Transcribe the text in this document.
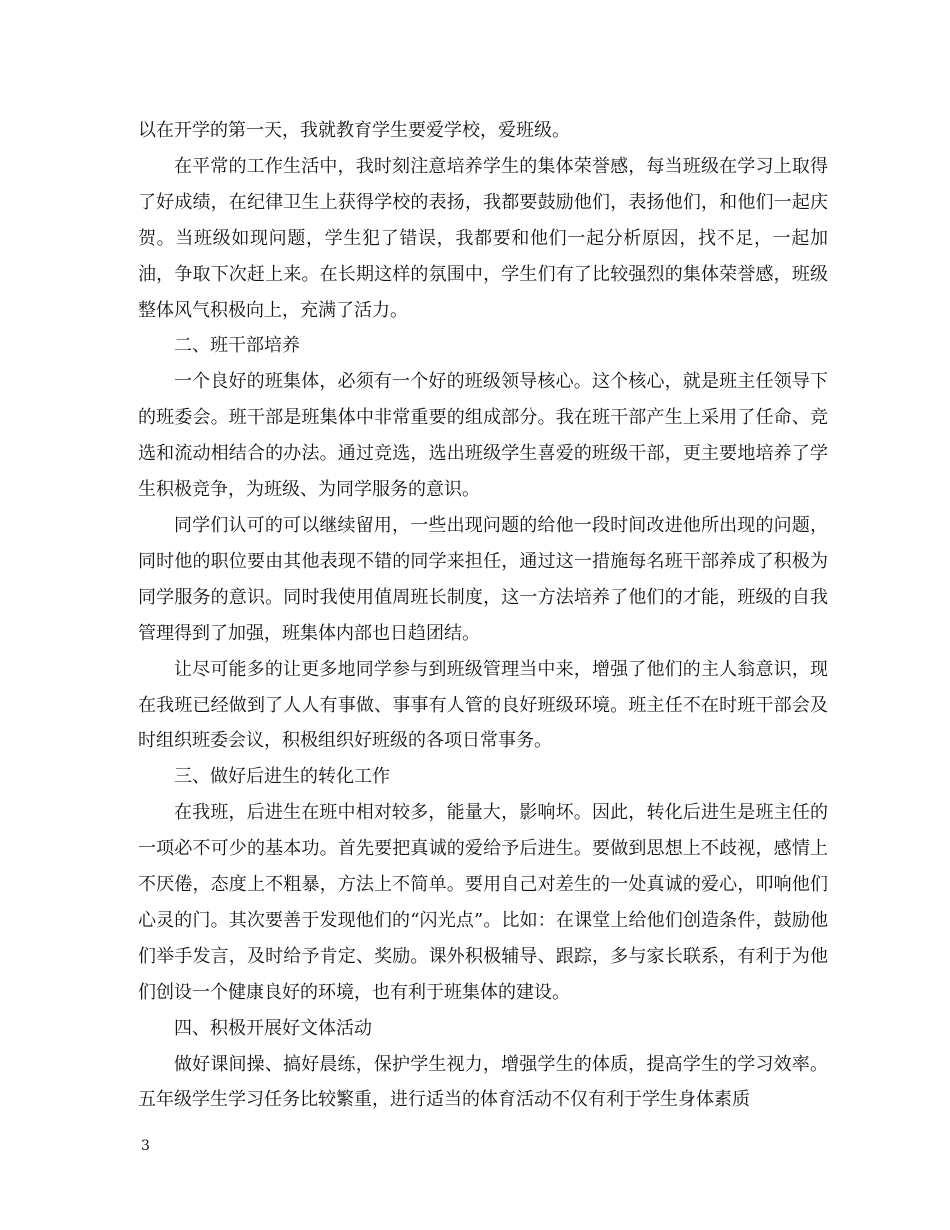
以在开学的第一天，我就教育学生要爱学校，爱班级。

在平常的工作生活中，我时刻注意培养学生的集体荣誉感，每当班级在学习上取得了好成绩，在纪律卫生上获得学校的表扬，我都要鼓励他们，表扬他们，和他们一起庆贺。当班级如现问题，学生犯了错误，我都要和他们一起分析原因，找不足，一起加油，争取下次赶上来。在长期这样的氛围中，学生们有了比较强烈的集体荣誉感，班级整体风气积极向上，充满了活力。

二、班干部培养

一个良好的班集体，必须有一个好的班级领导核心。这个核心，就是班主任领导下的班委会。班干部是班集体中非常重要的组成部分。我在班干部产生上采用了任命、竞选和流动相结合的办法。通过竞选，选出班级学生喜爱的班级干部，更主要地培养了学生积极竞争，为班级、为同学服务的意识。

同学们认可的可以继续留用，一些出现问题的给他一段时间改进他所出现的问题，同时他的职位要由其他表现不错的同学来担任，通过这一措施每名班干部养成了积极为同学服务的意识。同时我使用值周班长制度，这一方法培养了他们的才能，班级的自我管理得到了加强，班集体内部也日趋团结。

让尽可能多的让更多地同学参与到班级管理当中来，增强了他们的主人翁意识，现在我班已经做到了人人有事做、事事有人管的良好班级环境。班主任不在时班干部会及时组织班委会议，积极组织好班级的各项日常事务。

三、做好后进生的转化工作

在我班，后进生在班中相对较多，能量大，影响坏。因此，转化后进生是班主任的一项必不可少的基本功。首先要把真诚的爱给予后进生。要做到思想上不歧视，感情上不厌倦，态度上不粗暴，方法上不简单。要用自己对差生的一处真诚的爱心，叩响他们心灵的门。其次要善于发现他们的“闪光点”。比如：在课堂上给他们创造条件，鼓励他们举手发言，及时给予肯定、奖励。课外积极辅导、跟踪，多与家长联系，有利于为他们创设一个健康良好的环境，也有利于班集体的建设。

四、积极开展好文体活动

做好课间操、搞好晨练，保护学生视力，增强学生的体质，提高学生的学习效率。五年级学生学习任务比较繁重，进行适当的体育活动不仅有利于学生身体素质

3
